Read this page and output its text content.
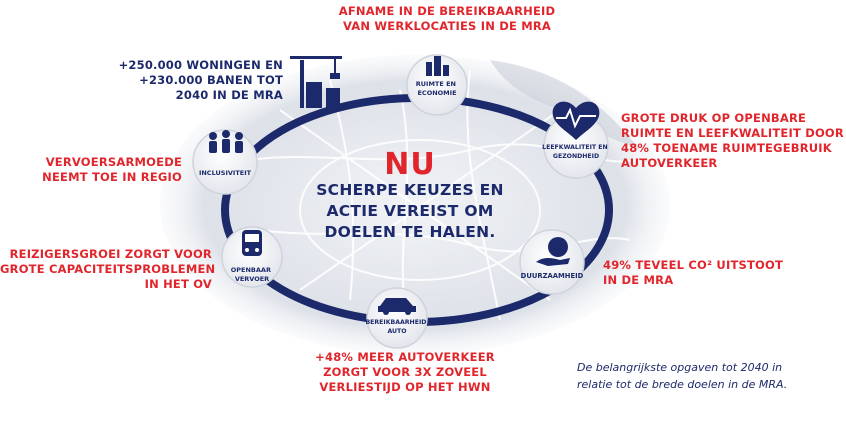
RUIMTE EN ECONOMIE
LEEFKWALITEIT EN GEZONDHEID
DUURZAAMHEID
BEREIKBAARHEID AUTO
OPENBAAR VERVOER
INCLUSIVITEIT	NU
SCHERPE KEUZES EN
ACTIE VEREIST OM
DOELEN TE HALEN.
AFNAME IN DE BEREIKBAARHEID
VAN WERKLOCATIES IN DE MRA
+250.000 WONINGEN EN
+230.000 BANEN TOT
2040 IN DE MRA
GROTE DRUK OP OPENBARE
RUIMTE EN LEEFKWALITEIT DOOR
48% TOENAME RUIMTEGEBRUIK
AUTOVERKEER
VERVOERSARMOEDE
NEEMT TOE IN REGIO
REIZIGERSGROEI ZORGT VOOR
GROTE CAPACITEITSPROBLEMEN
IN HET OV
49% TEVEEL CO² UITSTOOT
IN DE MRA
+48% MEER AUTOVERKEER
ZORGT VOOR 3X ZOVEEL
VERLIESTIJD OP HET HWN
De belangrijkste opgaven tot 2040 in
relatie tot de brede doelen in de MRA.
